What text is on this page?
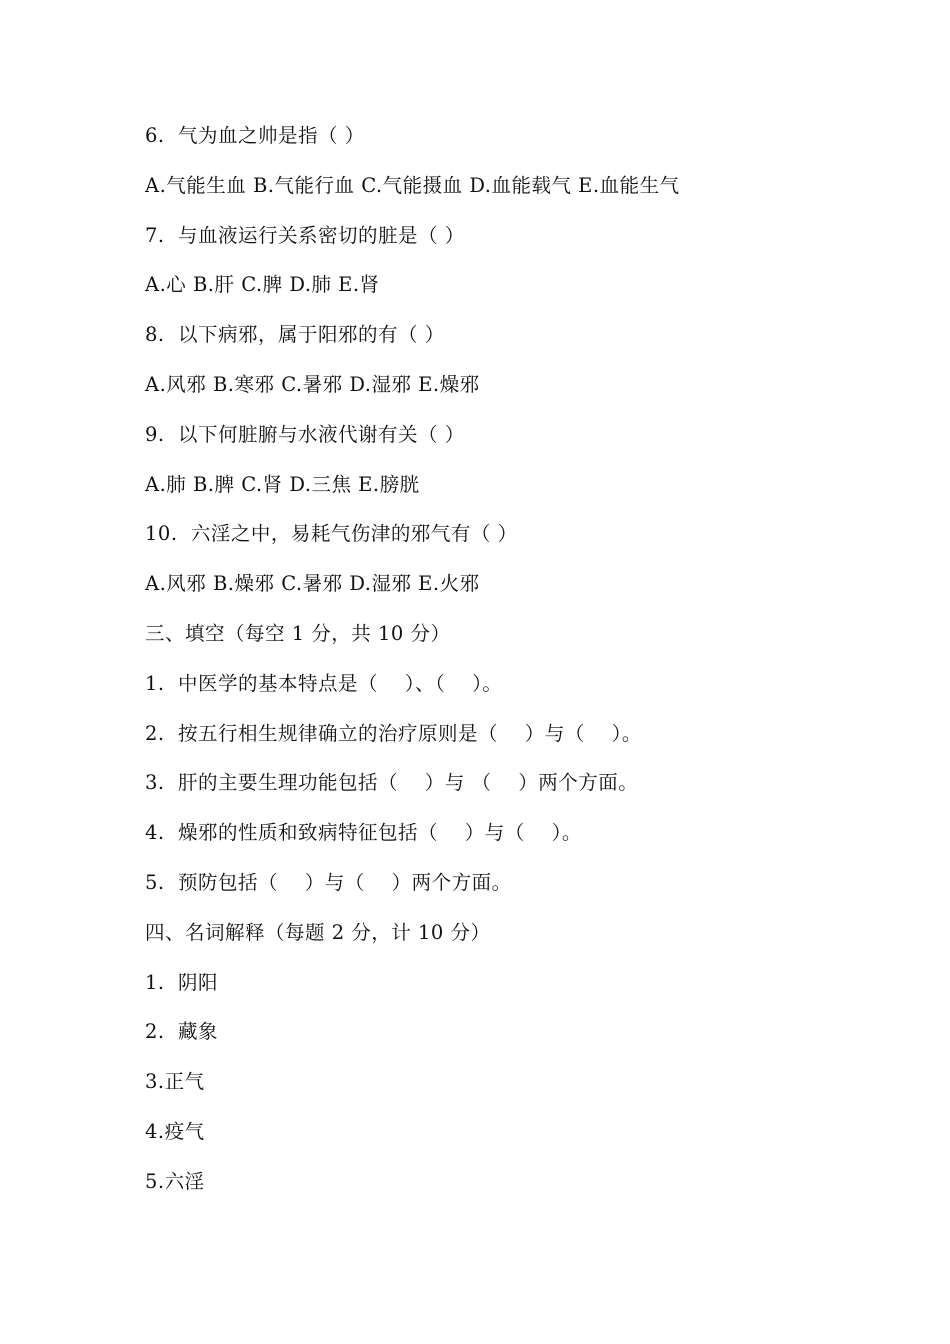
6.  气为血之帅是指（ ）
A.气能生血 B.气能行血 C.气能摄血 D.血能载气 E.血能生气
7.  与血液运行关系密切的脏是（ ）
A.心 B.肝 C.脾 D.肺 E.肾
8.  以下病邪，属于阳邪的有（ ）
A.风邪 B.寒邪 C.暑邪 D.湿邪 E.燥邪
9.  以下何脏腑与水液代谢有关（ ）
A.肺 B.脾 C.肾 D.三焦 E.膀胱
10.  六淫之中，易耗气伤津的邪气有（ ）
A.风邪 B.燥邪 C.暑邪 D.湿邪 E.火邪
三、填空（每空 1 分，共 10 分）
1.  中医学的基本特点是（    ）、（    ）。
2.  按五行相生规律确立的治疗原则是（    ）与（    ）。
3.  肝的主要生理功能包括（    ）与 （    ）两个方面。
4.  燥邪的性质和致病特征包括（    ）与（    ）。
5.  预防包括（    ）与（    ）两个方面。
四、名词解释（每题 2 分，计 10 分）
1.  阴阳
2.  藏象
3.正气
4.疫气
5.六淫
